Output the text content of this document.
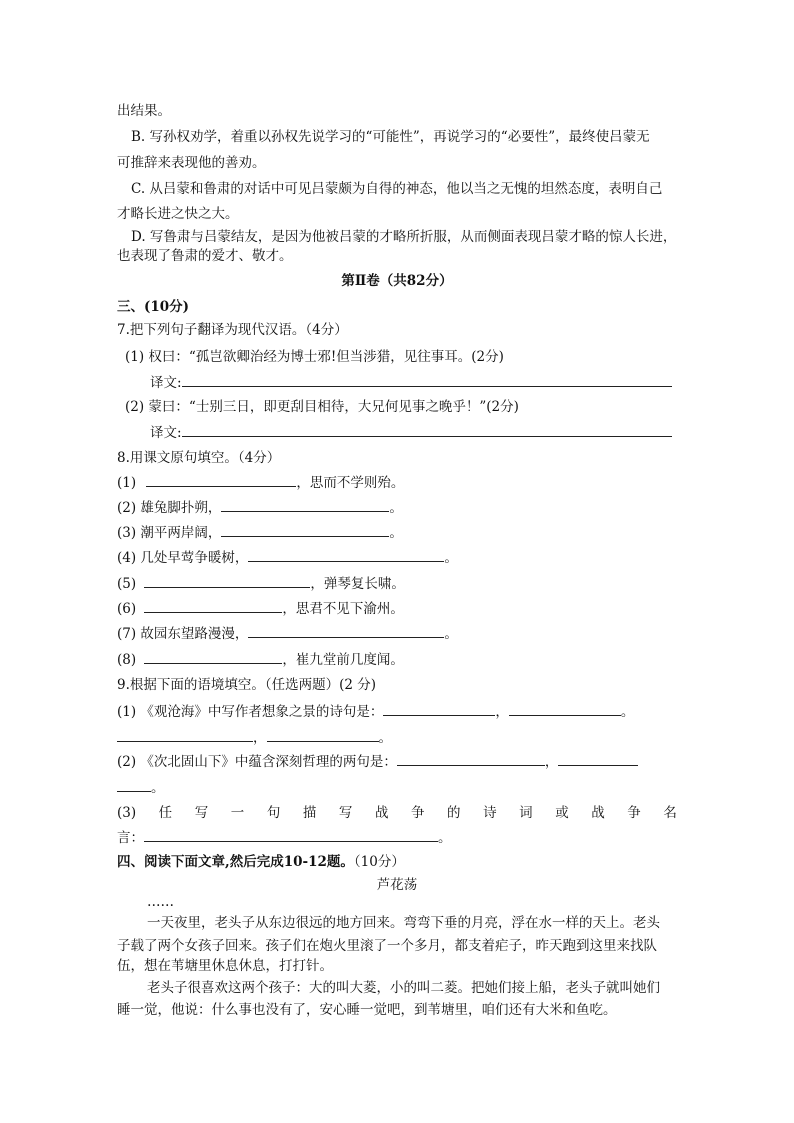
出结果。
B. 写孙权劝学，着重以孙权先说学习的“可能性”，再说学习的“必要性”，最终使吕蒙无
可推辞来表现他的善劝。
C. 从吕蒙和鲁肃的对话中可见吕蒙颇为自得的神态，他以当之无愧的坦然态度，表明自己
才略长进之快之大。
D. 写鲁肃与吕蒙结友，是因为他被吕蒙的才略所折服，从而侧面表现吕蒙才略的惊人长进，
也表现了鲁肃的爱才、敬才。
第Ⅱ卷（共82分）
三、(10分)
7.把下列句子翻译为现代汉语。（4分）
(1) 权曰：“孤岂欲卿治经为博士邪!但当涉猎，见往事耳。(2分)
译文:
(2) 蒙曰：“士别三日，即更刮目相待，大兄何见事之晚乎！”(2分)
译文:
8.用课文原句填空。（4分）
(1)	，思而不学则殆。
(2) 雄兔脚扑朔，	。
(3) 潮平两岸阔，	。
(4) 几处早莺争暖树，	。
(5)	，弹琴复长啸。
(6)	，思君不见下渝州。
(7) 故园东望路漫漫，	。
(8)	，崔九堂前几度闻。
9.根据下面的语境填空。（任选两题）(2 分)
(1) 《观沧海》中写作者想象之景的诗句是：	，	。
，	。
(2) 《次北固山下》中蕴含深刻哲理的两句是：	，
。
(3) 任 写 一 句 描 写 战 争 的 诗 词 或 战 争 名
言：	。
四、阅读下面文章,然后完成10-12题。（10分）
芦花荡
……
一天夜里，老头子从东边很远的地方回来。弯弯下垂的月亮，浮在水一样的天上。老头
子载了两个女孩子回来。孩子们在炮火里滚了一个多月，都支着疟子，昨天跑到这里来找队
伍，想在苇塘里休息休息，打打针。
老头子很喜欢这两个孩子：大的叫大菱，小的叫二菱。把她们接上船，老头子就叫她们
睡一觉，他说：什么事也没有了，安心睡一觉吧，到苇塘里，咱们还有大米和鱼吃。
